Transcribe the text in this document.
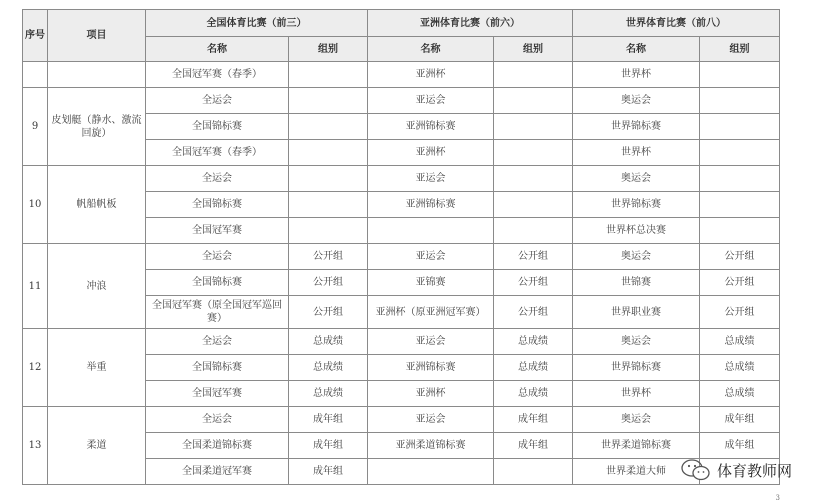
序号	项目	全国体育比赛（前三）		亚洲体育比赛（前六）		世界体育比赛（前八）	
		名称	组别	名称	组别	名称	组别
		全国冠军赛（春季）		亚洲杯		世界杯	
9	皮划艇（静水、激流回旋）	全运会		亚运会		奥运会	
		全国锦标赛		亚洲锦标赛		世界锦标赛	
		全国冠军赛（春季）		亚洲杯		世界杯	
10	帆船帆板	全运会		亚运会		奥运会	
		全国锦标赛		亚洲锦标赛		世界锦标赛	
		全国冠军赛				世界杯总决赛	
11	冲浪	全运会	公开组	亚运会	公开组	奥运会	公开组
		全国锦标赛	公开组	亚锦赛	公开组	世锦赛	公开组
		全国冠军赛（原全国冠军巡回赛）	公开组	亚洲杯（原亚洲冠军赛）	公开组	世界职业赛	公开组
12	举重	全运会	总成绩	亚运会	总成绩	奥运会	总成绩
		全国锦标赛	总成绩	亚洲锦标赛	总成绩	世界锦标赛	总成绩
		全国冠军赛	总成绩	亚洲杯	总成绩	世界杯	总成绩
13	柔道	全运会	成年组	亚运会	成年组	奥运会	成年组
		全国柔道锦标赛	成年组	亚洲柔道锦标赛	成年组	世界柔道锦标赛	成年组
		全国柔道冠军赛	成年组			世界柔道大师		体育教师网
3
